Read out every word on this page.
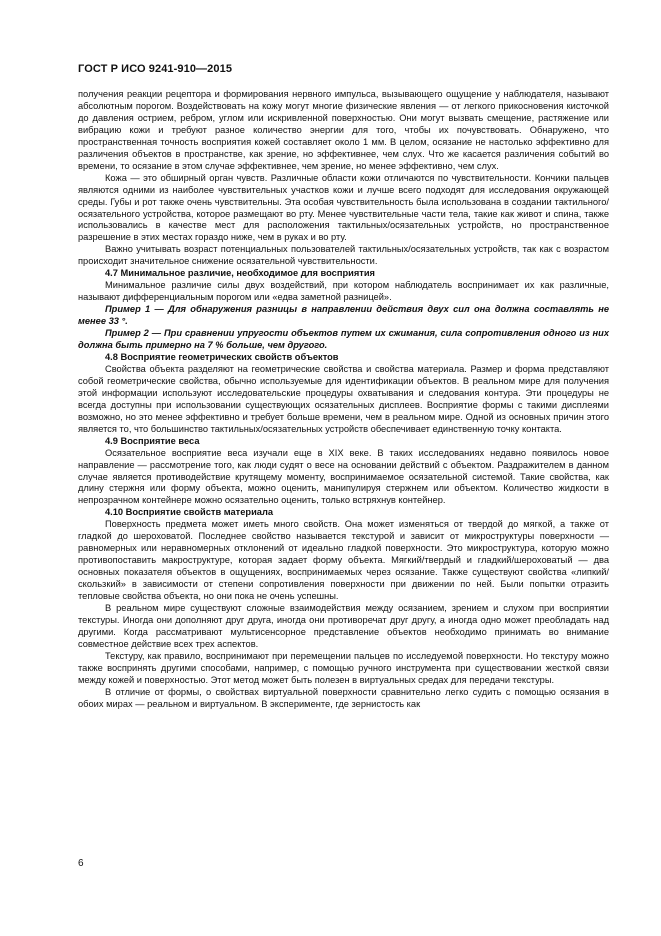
ГОСТ Р ИСО 9241-910—2015

получения реакции рецептора и формирования нервного импульса, вызывающего ощущение у наблюдателя, называют абсолютным порогом. Воздействовать на кожу могут многие физические явления — от легкого прикосновения кисточкой до давления острием, ребром, углом или искривленной поверхностью. Они могут вызвать смещение, растяжение или вибрацию кожи и требуют разное количество энергии для того, чтобы их почувствовать. Обнаружено, что пространственная точность восприятия кожей составляет около 1 мм. В целом, осязание не настолько эффективно для различения объектов в пространстве, как зрение, но эффективнее, чем слух. Что же касается различения событий во времени, то осязание в этом случае эффективнее, чем зрение, но менее эффективно, чем слух.

Кожа — это обширный орган чувств. Различные области кожи отличаются по чувствительности. Кончики пальцев являются одними из наиболее чувствительных участков кожи и лучше всего подходят для исследования окружающей среды. Губы и рот также очень чувствительны. Эта особая чувствительность была использована в создании тактильного/осязательного устройства, которое размещают во рту. Менее чувствительные части тела, такие как живот и спина, также использовались в качестве мест для расположения тактильных/осязательных устройств, но пространственное разрешение в этих местах гораздо ниже, чем в руках и во рту.

Важно учитывать возраст потенциальных пользователей тактильных/осязательных устройств, так как с возрастом происходит значительное снижение осязательной чувствительности.

4.7 Минимальное различие, необходимое для восприятия

Минимальное различие силы двух воздействий, при котором наблюдатель воспринимает их как различные, называют дифференциальным порогом или «едва заметной разницей».

Пример 1 — Для обнаружения разницы в направлении действия двух сил она должна составлять не менее 33 °.

Пример 2 — При сравнении упругости объектов путем их сжимания, сила сопротивления одного из них должна быть примерно на 7 % больше, чем другого.

4.8 Восприятие геометрических свойств объектов

Свойства объекта разделяют на геометрические свойства и свойства материала. Размер и форма представляют собой геометрические свойства, обычно используемые для идентификации объектов. В реальном мире для получения этой информации используют исследовательские процедуры охватывания и следования контура. Эти процедуры не всегда доступны при использовании существующих осязательных дисплеев. Восприятие формы с такими дисплеями возможно, но это менее эффективно и требует больше времени, чем в реальном мире. Одной из основных причин этого является то, что большинство тактильных/осязательных устройств обеспечивает единственную точку контакта.

4.9 Восприятие веса

Осязательное восприятие веса изучали еще в XIX веке. В таких исследованиях недавно появилось новое направление — рассмотрение того, как люди судят о весе на основании действий с объектом. Раздражителем в данном случае является противодействие крутящему моменту, воспринимаемое осязательной системой. Такие свойства, как длину стержня или форму объекта, можно оценить, манипулируя стержнем или объектом. Количество жидкости в непрозрачном контейнере можно осязательно оценить, только встряхнув контейнер.

4.10 Восприятие свойств материала

Поверхность предмета может иметь много свойств. Она может изменяться от твердой до мягкой, а также от гладкой до шероховатой. Последнее свойство называется текстурой и зависит от микроструктуры поверхности — равномерных или неравномерных отклонений от идеально гладкой поверхности. Это микроструктура, которую можно противопоставить макроструктуре, которая задает форму объекта. Мягкий/твердый и гладкий/шероховатый — два основных показателя объектов в ощущениях, воспринимаемых через осязание. Также существуют свойства «липкий/скользкий» в зависимости от степени сопротивления поверхности при движении по ней. Были попытки отразить тепловые свойства объекта, но они пока не очень успешны.

В реальном мире существуют сложные взаимодействия между осязанием, зрением и слухом при восприятии текстуры. Иногда они дополняют друг друга, иногда они противоречат друг другу, а иногда одно может преобладать над другими. Когда рассматривают мультисенсорное представление объектов необходимо принимать во внимание совместное действие всех трех аспектов.

Текстуру, как правило, воспринимают при перемещении пальцев по исследуемой поверхности. Но текстуру можно также воспринять другими способами, например, с помощью ручного инструмента при существовании жесткой связи между кожей и поверхностью. Этот метод может быть полезен в виртуальных средах для передачи текстуры.

В отличие от формы, о свойствах виртуальной поверхности сравнительно легко судить с помощью осязания в обоих мирах — реальном и виртуальном. В эксперименте, где зернистость как

6
